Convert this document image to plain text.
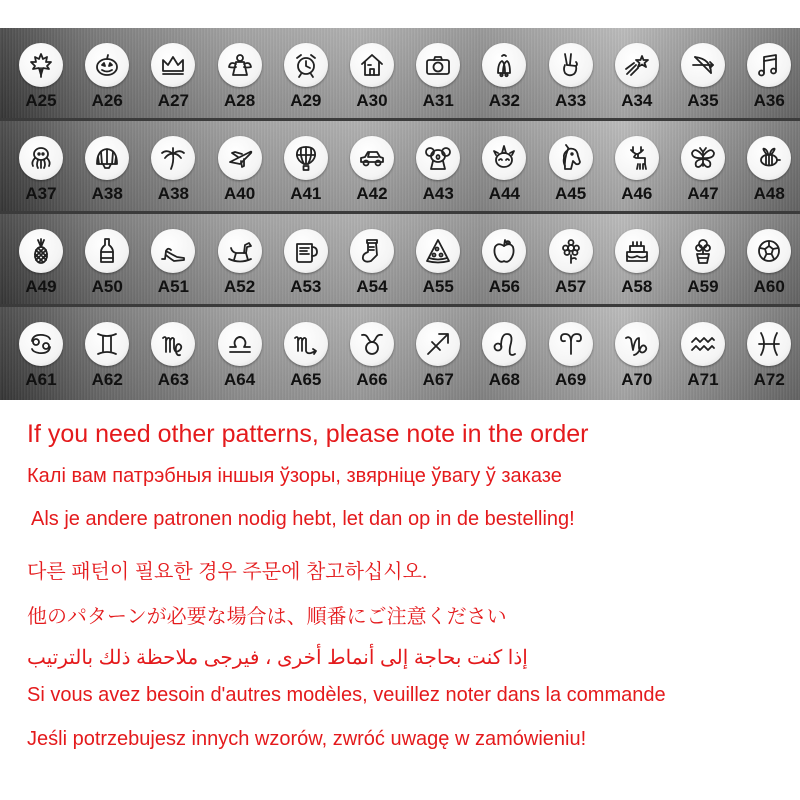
A25	A26	A27	A28	A29	A30	A31	A32	A33	A34	A35	A36
A37	A38	A38	A40	A41	A42	A43	A44	A45	A46	A47	A48
A49	A50	A51	A52	A53	A54	A55	A56	A57	A58	A59	A60
A61	A62	A63	A64	A65	A66	A67	A68	A69	A70	A71	A72
If you need other patterns, please note in the order
Калі вам патрэбныя іншыя ўзоры, звярніце ўвагу ў заказе
Als je andere patronen nodig hebt, let dan op in de bestelling!
다른 패턴이 필요한 경우 주문에 참고하십시오.
他のパターンが必要な場合は、順番にご注意ください
إذا كنت بحاجة إلى أنماط أخرى ، فيرجى ملاحظة ذلك بالترتيب
Si vous avez besoin d'autres modèles, veuillez noter dans la commande
Jeśli potrzebujesz innych wzorów, zwróć uwagę w zamówieniu!
